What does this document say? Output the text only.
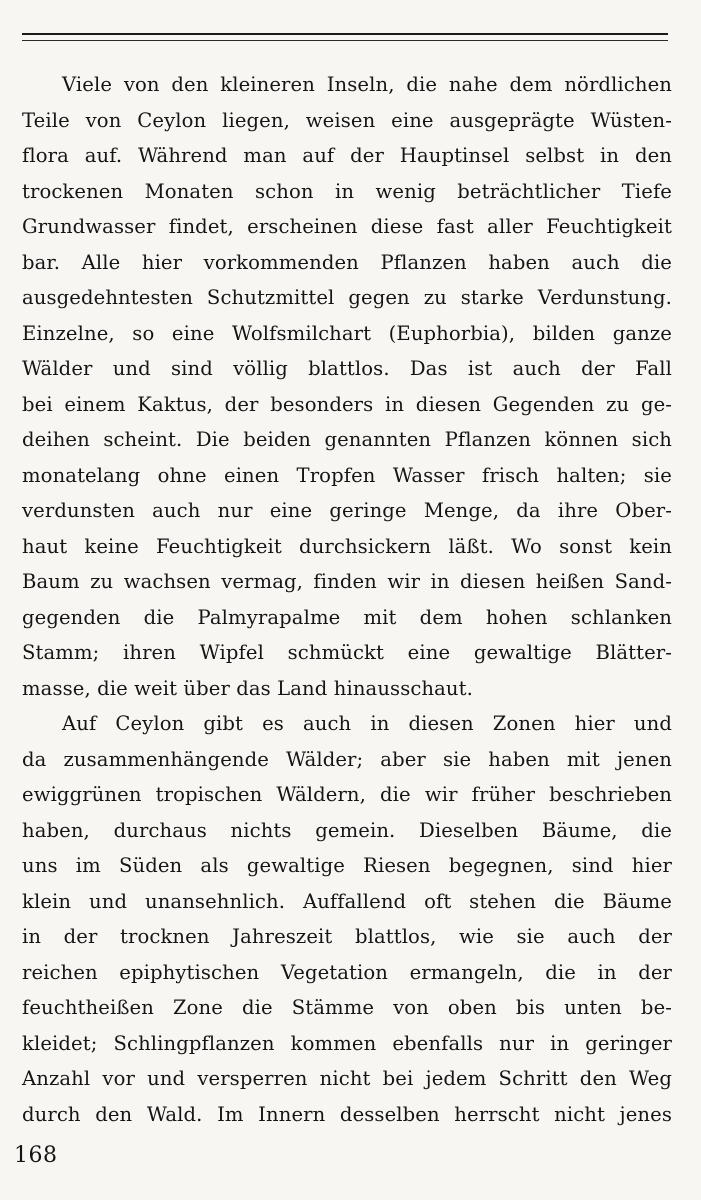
Viele von den kleineren Inseln, die nahe dem nördlichen
Teile von Ceylon liegen, weisen eine ausgeprägte Wüsten-
flora auf. Während man auf der Hauptinsel selbst in den
trockenen Monaten schon in wenig beträchtlicher Tiefe
Grundwasser findet, erscheinen diese fast aller Feuchtigkeit
bar. Alle hier vorkommenden Pflanzen haben auch die
ausgedehntesten Schutzmittel gegen zu starke Verdunstung.
Einzelne, so eine Wolfsmilchart (Euphorbia), bilden ganze
Wälder und sind völlig blattlos. Das ist auch der Fall
bei einem Kaktus, der besonders in diesen Gegenden zu ge-
deihen scheint. Die beiden genannten Pflanzen können sich
monatelang ohne einen Tropfen Wasser frisch halten; sie
verdunsten auch nur eine geringe Menge, da ihre Ober-
haut keine Feuchtigkeit durchsickern läßt. Wo sonst kein
Baum zu wachsen vermag, finden wir in diesen heißen Sand-
gegenden die Palmyrapalme mit dem hohen schlanken
Stamm; ihren Wipfel schmückt eine gewaltige Blätter-
masse, die weit über das Land hinausschaut.
Auf Ceylon gibt es auch in diesen Zonen hier und
da zusammenhängende Wälder; aber sie haben mit jenen
ewiggrünen tropischen Wäldern, die wir früher beschrieben
haben, durchaus nichts gemein. Dieselben Bäume, die
uns im Süden als gewaltige Riesen begegnen, sind hier
klein und unansehnlich. Auffallend oft stehen die Bäume
in der trocknen Jahreszeit blattlos, wie sie auch der
reichen epiphytischen Vegetation ermangeln, die in der
feuchtheißen Zone die Stämme von oben bis unten be-
kleidet; Schlingpflanzen kommen ebenfalls nur in geringer
Anzahl vor und versperren nicht bei jedem Schritt den Weg
durch den Wald. Im Innern desselben herrscht nicht jenes
168
